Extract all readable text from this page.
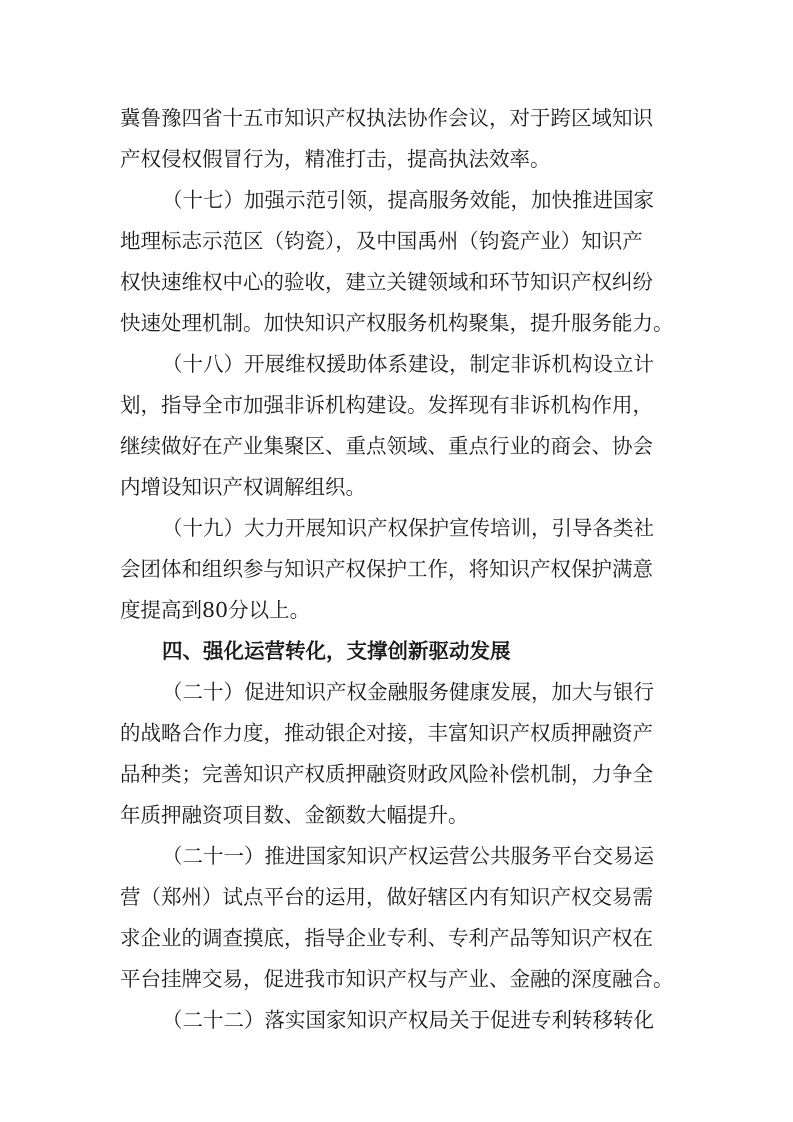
冀鲁豫四省十五市知识产权执法协作会议，对于跨区域知识
产权侵权假冒行为，精准打击，提高执法效率。
（十七）加强示范引领，提高服务效能，加快推进国家
地理标志示范区（钧瓷），及中国禹州（钧瓷产业）知识产
权快速维权中心的验收，建立关键领域和环节知识产权纠纷
快速处理机制。加快知识产权服务机构聚集，提升服务能力。
（十八）开展维权援助体系建设，制定非诉机构设立计
划，指导全市加强非诉机构建设。发挥现有非诉机构作用，
继续做好在产业集聚区、重点领域、重点行业的商会、协会
内增设知识产权调解组织。
（十九）大力开展知识产权保护宣传培训，引导各类社
会团体和组织参与知识产权保护工作，将知识产权保护满意
度提高到80分以上。
四、强化运营转化，支撑创新驱动发展
（二十）促进知识产权金融服务健康发展，加大与银行
的战略合作力度，推动银企对接，丰富知识产权质押融资产
品种类；完善知识产权质押融资财政风险补偿机制，力争全
年质押融资项目数、金额数大幅提升。
（二十一）推进国家知识产权运营公共服务平台交易运
营（郑州）试点平台的运用，做好辖区内有知识产权交易需
求企业的调查摸底，指导企业专利、专利产品等知识产权在
平台挂牌交易，促进我市知识产权与产业、金融的深度融合。
（二十二）落实国家知识产权局关于促进专利转移转化
